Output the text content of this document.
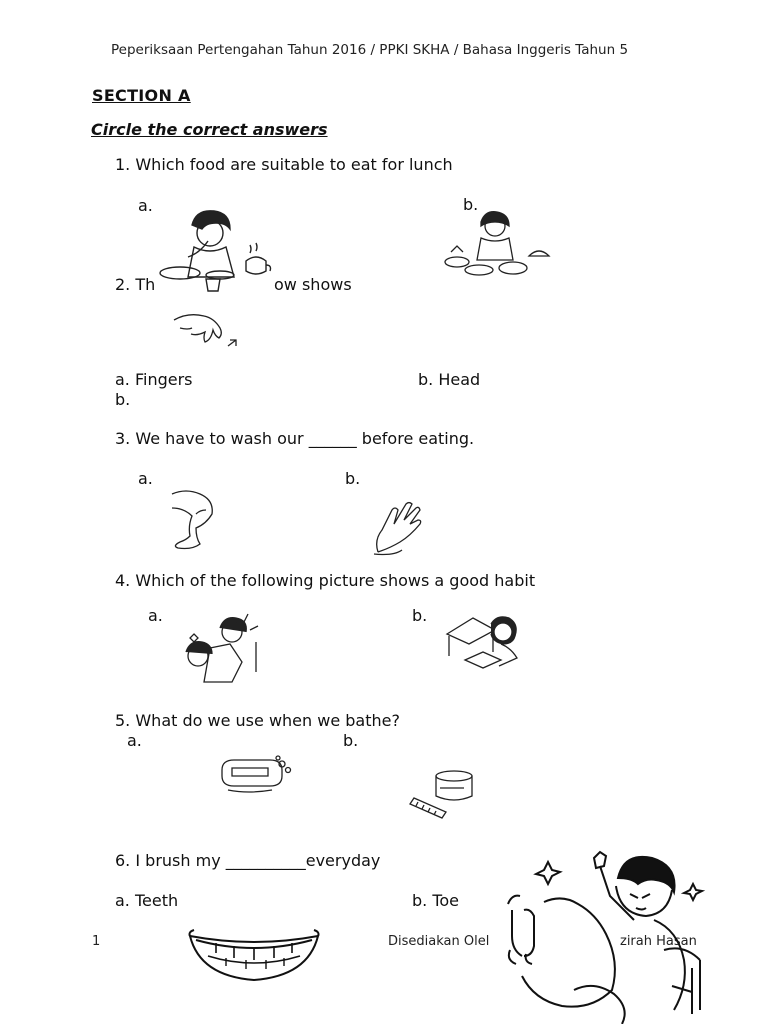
Peperiksaan Pertengahan Tahun 2016 / PPKI SKHA / Bahasa Inggeris Tahun 5
SECTION A
Circle the correct answers
1. Which food are suitable to eat for lunch
a.	b.
2. Th	ow shows
a. Fingers	b. Head
b.
3. We have to wash our ______ before eating.
a.	b.
4. Which of the following picture shows a good habit
a.	b.
5. What do we use when we bathe?
a.	b.
6. I brush my __________everyday
a. Teeth	b. Toe
1	Disediakan Olel	zirah Hasan
